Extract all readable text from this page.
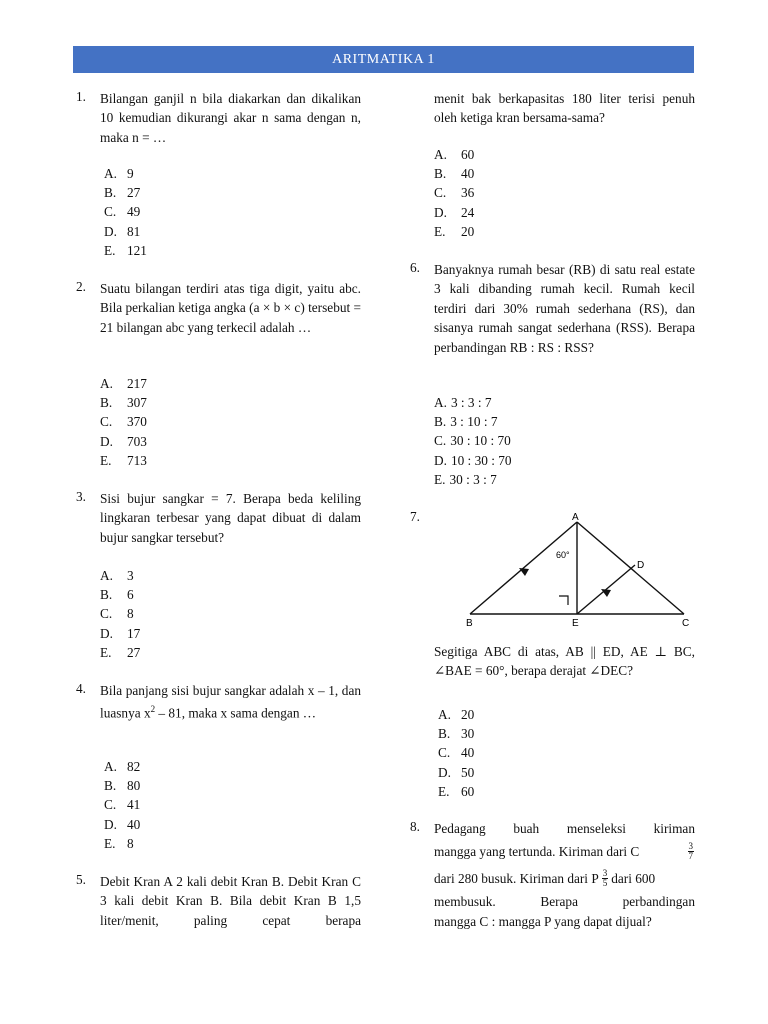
ARITMATIKA 1
1. Bilangan ganjil n bila diakarkan dan dikalikan 10 kemudian dikurangi akar n sama dengan n, maka n = …
A. 9
B. 27
C. 49
D. 81
E. 121
2. Suatu bilangan terdiri atas tiga digit, yaitu abc. Bila perkalian ketiga angka (a × b × c) tersebut = 21 bilangan abc yang terkecil adalah …
A.	217
B.	307
C.	370
D.	703
E.	713
3. Sisi bujur sangkar = 7. Berapa beda keliling lingkaran terbesar yang dapat dibuat di dalam bujur sangkar tersebut?
A.	3
B.	6
C.	8
D.	17
E.	27
4. Bila panjang sisi bujur sangkar adalah x – 1, dan luasnya $x^2 - 81$, maka x sama dengan …
A. 82
B. 80
C. 41
D. 40
E. 8
5. Debit Kran A 2 kali debit Kran B. Debit Kran C 3 kali debit Kran B. Bila debit Kran B 1,5 liter/menit, paling cepat berapa
menit bak berkapasitas 180 liter terisi penuh oleh ketiga kran bersama-sama?
A.	60
B.	40
C.	36
D.	24
E.	20
6. Banyaknya rumah besar (RB) di satu real estate 3 kali dibanding rumah kecil. Rumah kecil terdiri dari 30% rumah sederhana (RS), dan sisanya rumah sangat sederhana (RSS). Berapa perbandingan RB : RS : RSS?
A. 3 : 3 : 7
B. 3 : 10 : 7
C. 30 : 10 : 70
D. 10 : 30 : 70
E. 30 : 3 : 7
7.	A
B	C
D
E
60°
Segitiga ABC di atas, AB || ED, AE ⊥ BC, ∠BAE = 60°, berapa derajat ∠DEC?
A. 20
B. 30
C. 40
D. 50
E. 60
8. Pedagang buah menseleksi kiriman
mangga yang tertunda. Kiriman dari C	$\frac{3}{7}$
dari 280 busuk. Kiriman dari P $\frac{3}{5}$ dari 600
membusuk. Berapa perbandingan
mangga C : mangga P yang dapat dijual?
